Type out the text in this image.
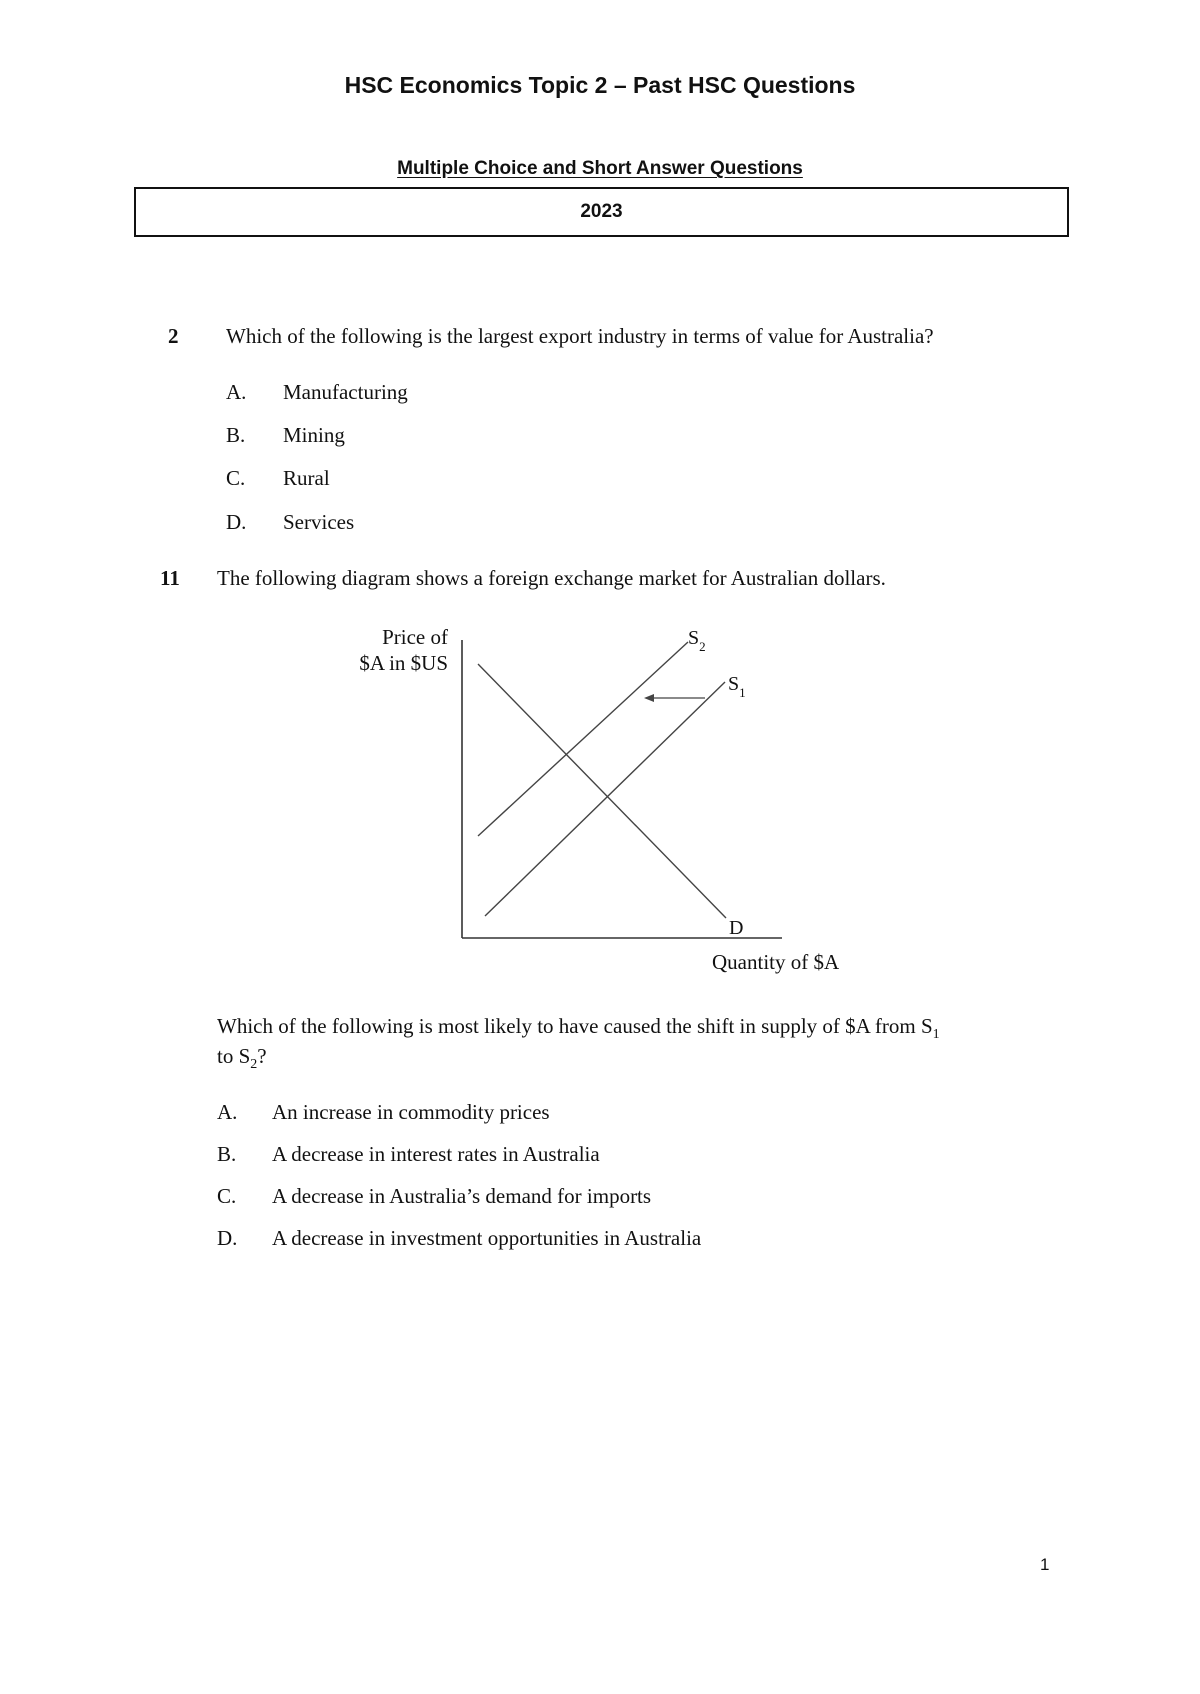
HSC Economics Topic 2 – Past HSC Questions
Multiple Choice and Short Answer Questions
2023
2 Which of the following is the largest export industry in terms of value for Australia?
A. Manufacturing
B. Mining
C. Rural
D. Services
11 The following diagram shows a foreign exchange market for Australian dollars.
Price of
$A in $US
Quantity of $A
D
$S_2$
$S_1$
Which of the following is most likely to have caused the shift in supply of $A from $S_1$
to $S_2$?
A. An increase in commodity prices
B. A decrease in interest rates in Australia
C. A decrease in Australia’s demand for imports
D. A decrease in investment opportunities in Australia
1
